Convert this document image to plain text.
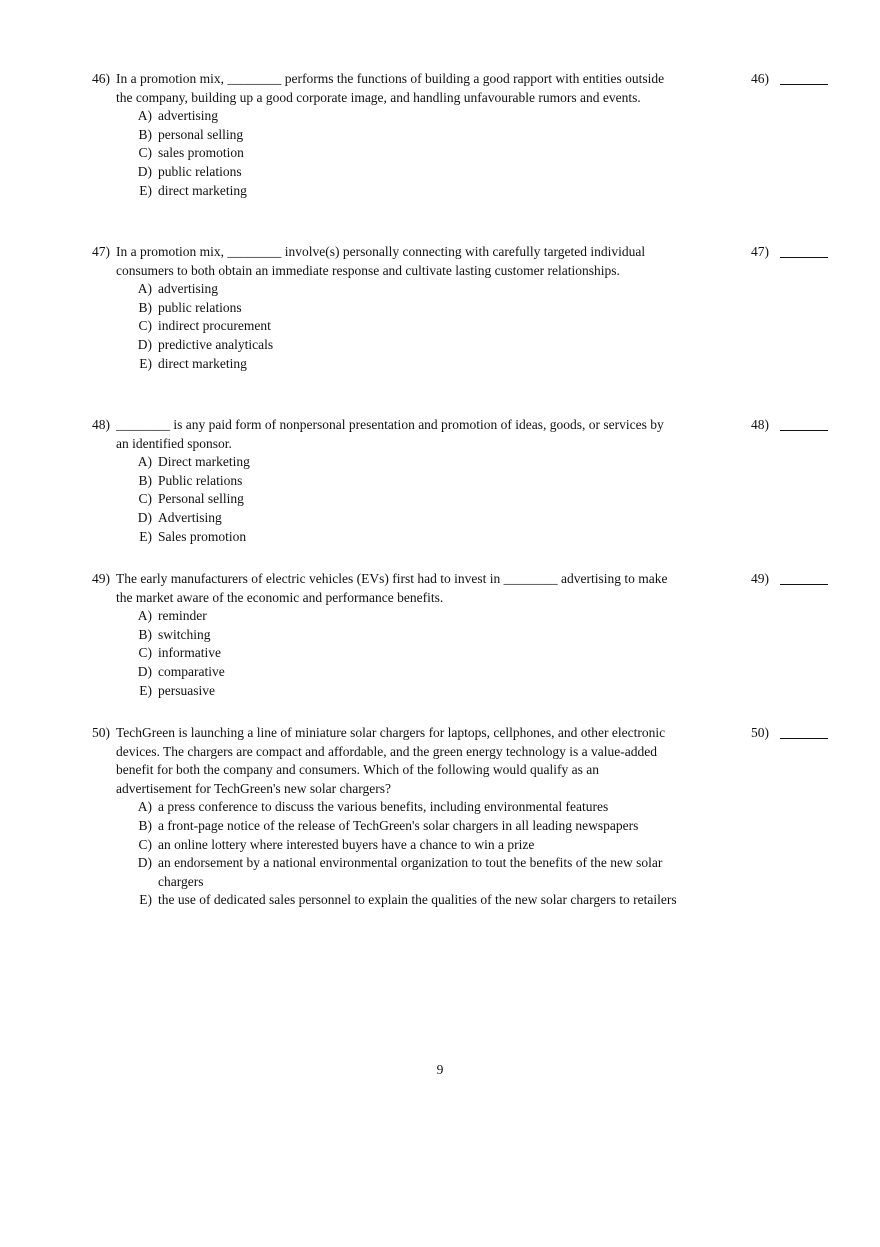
46) In a promotion mix, ________ performs the functions of building a good rapport with entities outside the company, building up a good corporate image, and handling unfavourable rumors and events.
A) advertising
B) personal selling
C) sales promotion
D) public relations
E) direct marketing
46)
47) In a promotion mix, ________ involve(s) personally connecting with carefully targeted individual consumers to both obtain an immediate response and cultivate lasting customer relationships.
A) advertising
B) public relations
C) indirect procurement
D) predictive analyticals
E) direct marketing
47)
48) ________ is any paid form of nonpersonal presentation and promotion of ideas, goods, or services by an identified sponsor.
A) Direct marketing
B) Public relations
C) Personal selling
D) Advertising
E) Sales promotion
48)
49) The early manufacturers of electric vehicles (EVs) first had to invest in ________ advertising to make the market aware of the economic and performance benefits.
A) reminder
B) switching
C) informative
D) comparative
E) persuasive
49)
50) TechGreen is launching a line of miniature solar chargers for laptops, cellphones, and other electronic devices. The chargers are compact and affordable, and the green energy technology is a value-added benefit for both the company and consumers. Which of the following would qualify as an advertisement for TechGreen's new solar chargers?
A) a press conference to discuss the various benefits, including environmental features
B) a front-page notice of the release of TechGreen's solar chargers in all leading newspapers
C) an online lottery where interested buyers have a chance to win a prize
D) an endorsement by a national environmental organization to tout the benefits of the new solar chargers
E) the use of dedicated sales personnel to explain the qualities of the new solar chargers to retailers
50)
9
